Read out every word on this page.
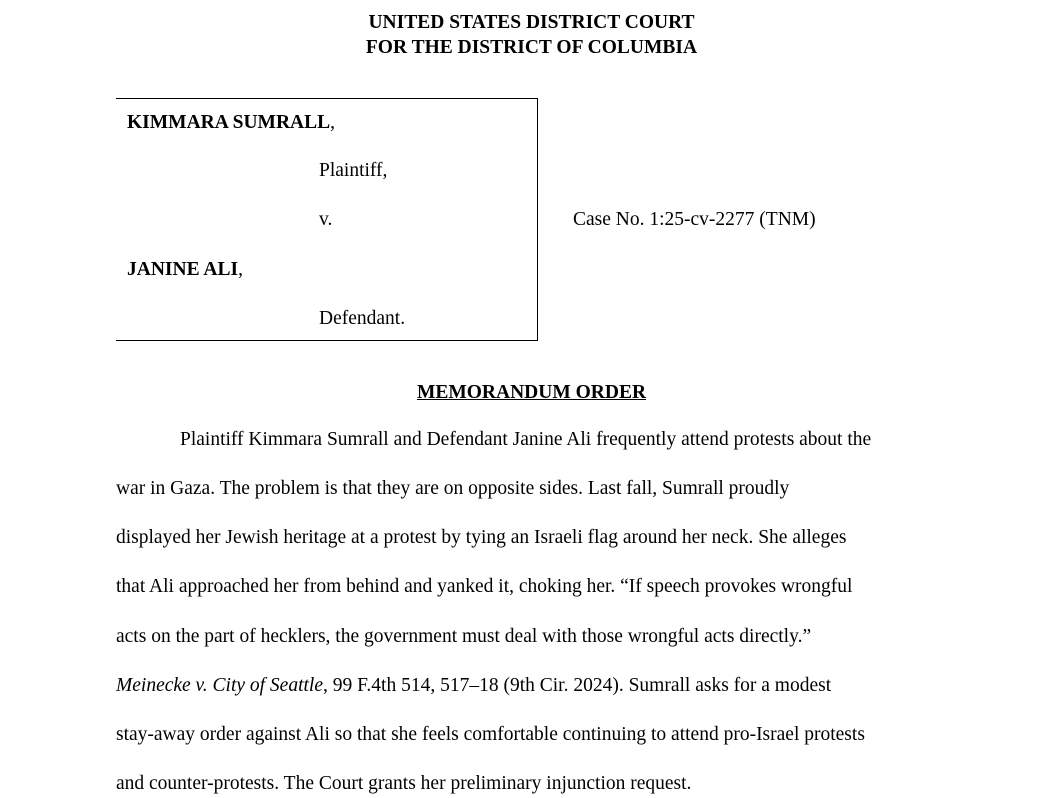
UNITED STATES DISTRICT COURT
FOR THE DISTRICT OF COLUMBIA
KIMMARA SUMRALL,
Plaintiff,
v.
JANINE ALI,
Defendant.
Case No. 1:25-cv-2277 (TNM)
MEMORANDUM ORDER
Plaintiff Kimmara Sumrall and Defendant Janine Ali frequently attend protests about the
war in Gaza. The problem is that they are on opposite sides. Last fall, Sumrall proudly
displayed her Jewish heritage at a protest by tying an Israeli flag around her neck. She alleges
that Ali approached her from behind and yanked it, choking her. “If speech provokes wrongful
acts on the part of hecklers, the government must deal with those wrongful acts directly.”
Meinecke v. City of Seattle, 99 F.4th 514, 517–18 (9th Cir. 2024). Sumrall asks for a modest
stay-away order against Ali so that she feels comfortable continuing to attend pro-Israel protests
and counter-protests. The Court grants her preliminary injunction request.
